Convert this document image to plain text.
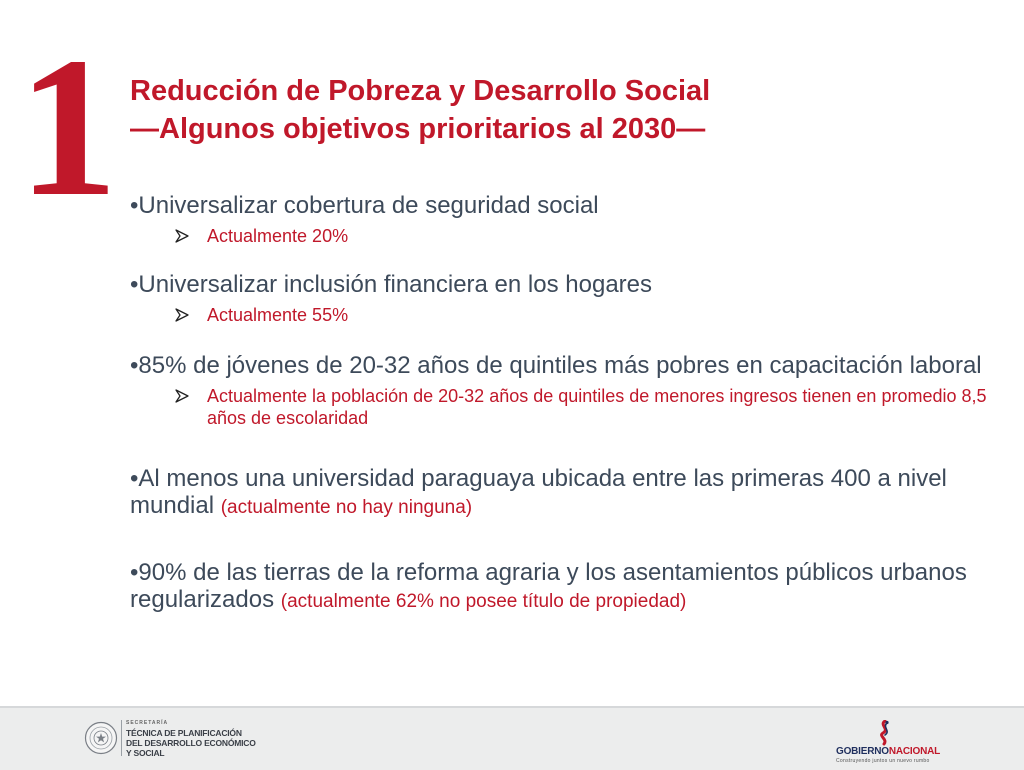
1 Reducción de Pobreza y Desarrollo Social
—Algunos objetivos prioritarios al 2030—
•Universalizar cobertura de seguridad social
Actualmente 20%
•Universalizar inclusión financiera en los hogares
Actualmente 55%
•85% de jóvenes de 20-32 años de quintiles más pobres en capacitación laboral
Actualmente la población de 20-32 años de quintiles de menores ingresos tienen en promedio 8,5 años de escolaridad
•Al menos una universidad paraguaya ubicada entre las primeras 400 a nivel mundial (actualmente no hay ninguna)
•90% de las tierras de la reforma agraria y los asentamientos públicos urbanos regularizados (actualmente 62% no posee título de propiedad)
SECRETARÍA
TÉCNICA DE PLANIFICACIÓN
DEL DESARROLLO ECONÓMICO
Y SOCIAL	GOBIERNONACIONAL
Construyendo juntos un nuevo rumbo
